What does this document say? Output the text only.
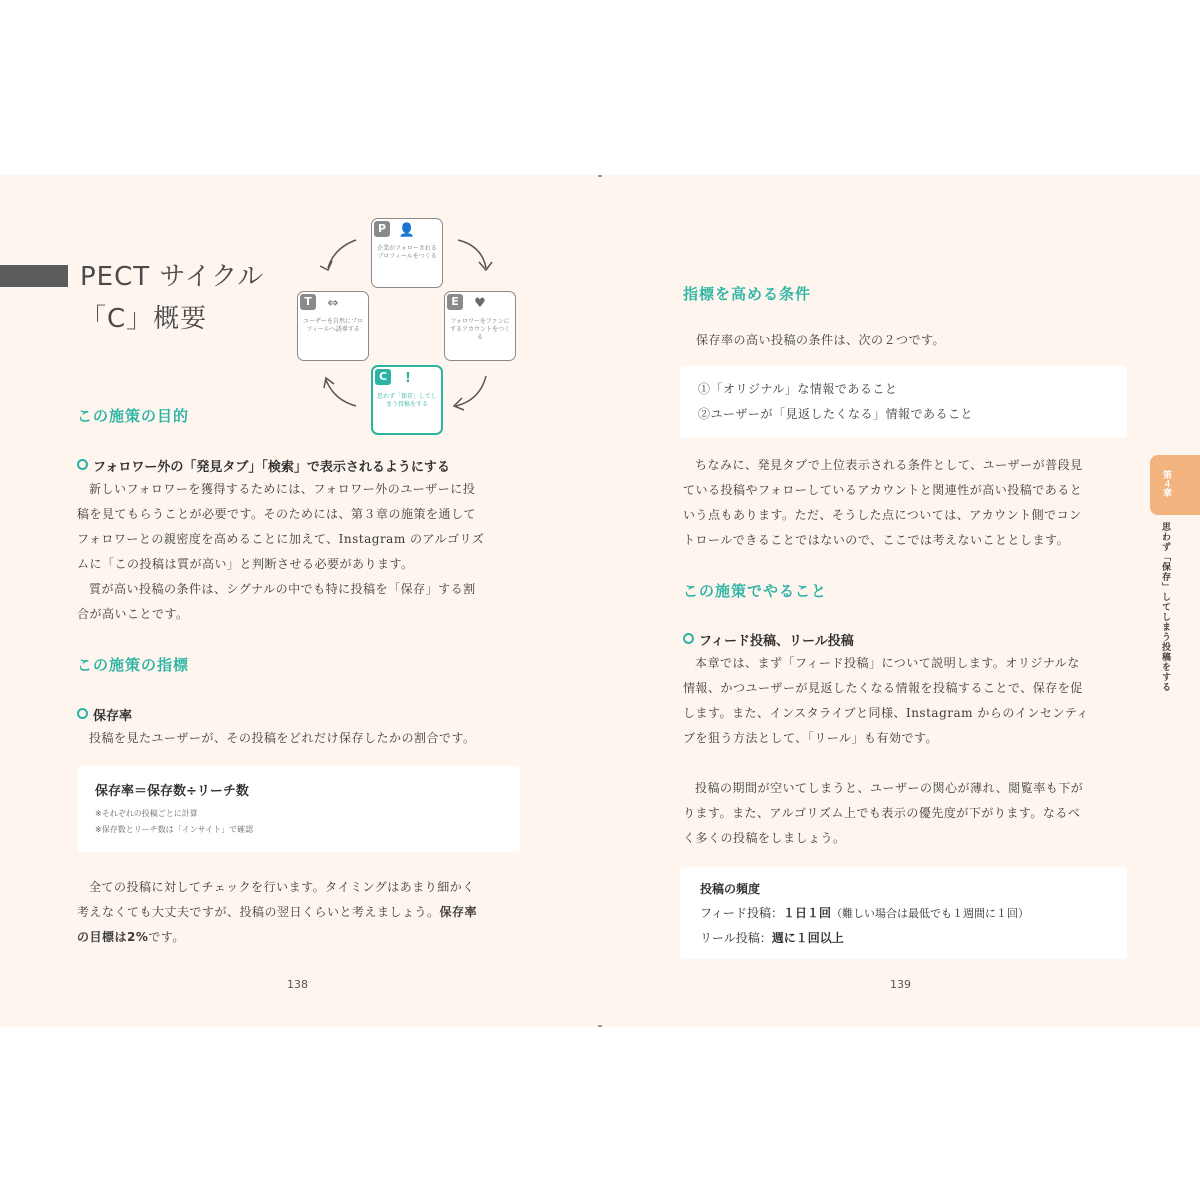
PECT サイクル
「C」概要
P 👤
企業がフォローされるプロフィールをつくる
E	♥
フォロワーをファンにするアカウントをつくる
C	!
思わず「保存」してしまう投稿をする
T	⇔
ユーザーを自然にプロフィールへ誘導する
この施策の目的
フォロワー外の「発見タブ」「検索」で表示されるようにする
新しいフォロワーを獲得するためには、フォロワー外のユーザーに投
稿を見てもらうことが必要です。そのためには、第３章の施策を通して
フォロワーとの親密度を高めることに加えて、Instagram のアルゴリズ
ムに「この投稿は質が高い」と判断させる必要があります。
質が高い投稿の条件は、シグナルの中でも特に投稿を「保存」する割
合が高いことです。
この施策の指標
保存率
投稿を見たユーザーが、その投稿をどれだけ保存したかの割合です。
保存率＝保存数÷リーチ数
※それぞれの投稿ごとに計算
※保存数とリーチ数は「インサイト」で確認
全ての投稿に対してチェックを行います。タイミングはあまり細かく
考えなくても大丈夫ですが、投稿の翌日くらいと考えましょう。保存率
の目標は2%です。
138
指標を高める条件
保存率の高い投稿の条件は、次の２つです。
①「オリジナル」な情報であること
②ユーザーが「見返したくなる」情報であること
ちなみに、発見タブで上位表示される条件として、ユーザーが普段見
ている投稿やフォローしているアカウントと関連性が高い投稿であると
いう点もあります。ただ、そうした点については、アカウント側でコン
トロールできることではないので、ここでは考えないこととします。
この施策でやること
フィード投稿、リール投稿
本章では、まず「フィード投稿」について説明します。オリジナルな
情報、かつユーザーが見返したくなる情報を投稿することで、保存を促
します。また、インスタライブと同様、Instagram からのインセンティ
ブを狙う方法として、「リール」も有効です。
投稿の期間が空いてしまうと、ユーザーの関心が薄れ、閲覧率も下が
ります。また、アルゴリズム上でも表示の優先度が下がります。なるべ
く多くの投稿をしましょう。
投稿の頻度
フィード投稿：１日１回（難しい場合は最低でも１週間に１回）
リール投稿：週に１回以上
139
第４章
思わず「保存」してしまう投稿をする
